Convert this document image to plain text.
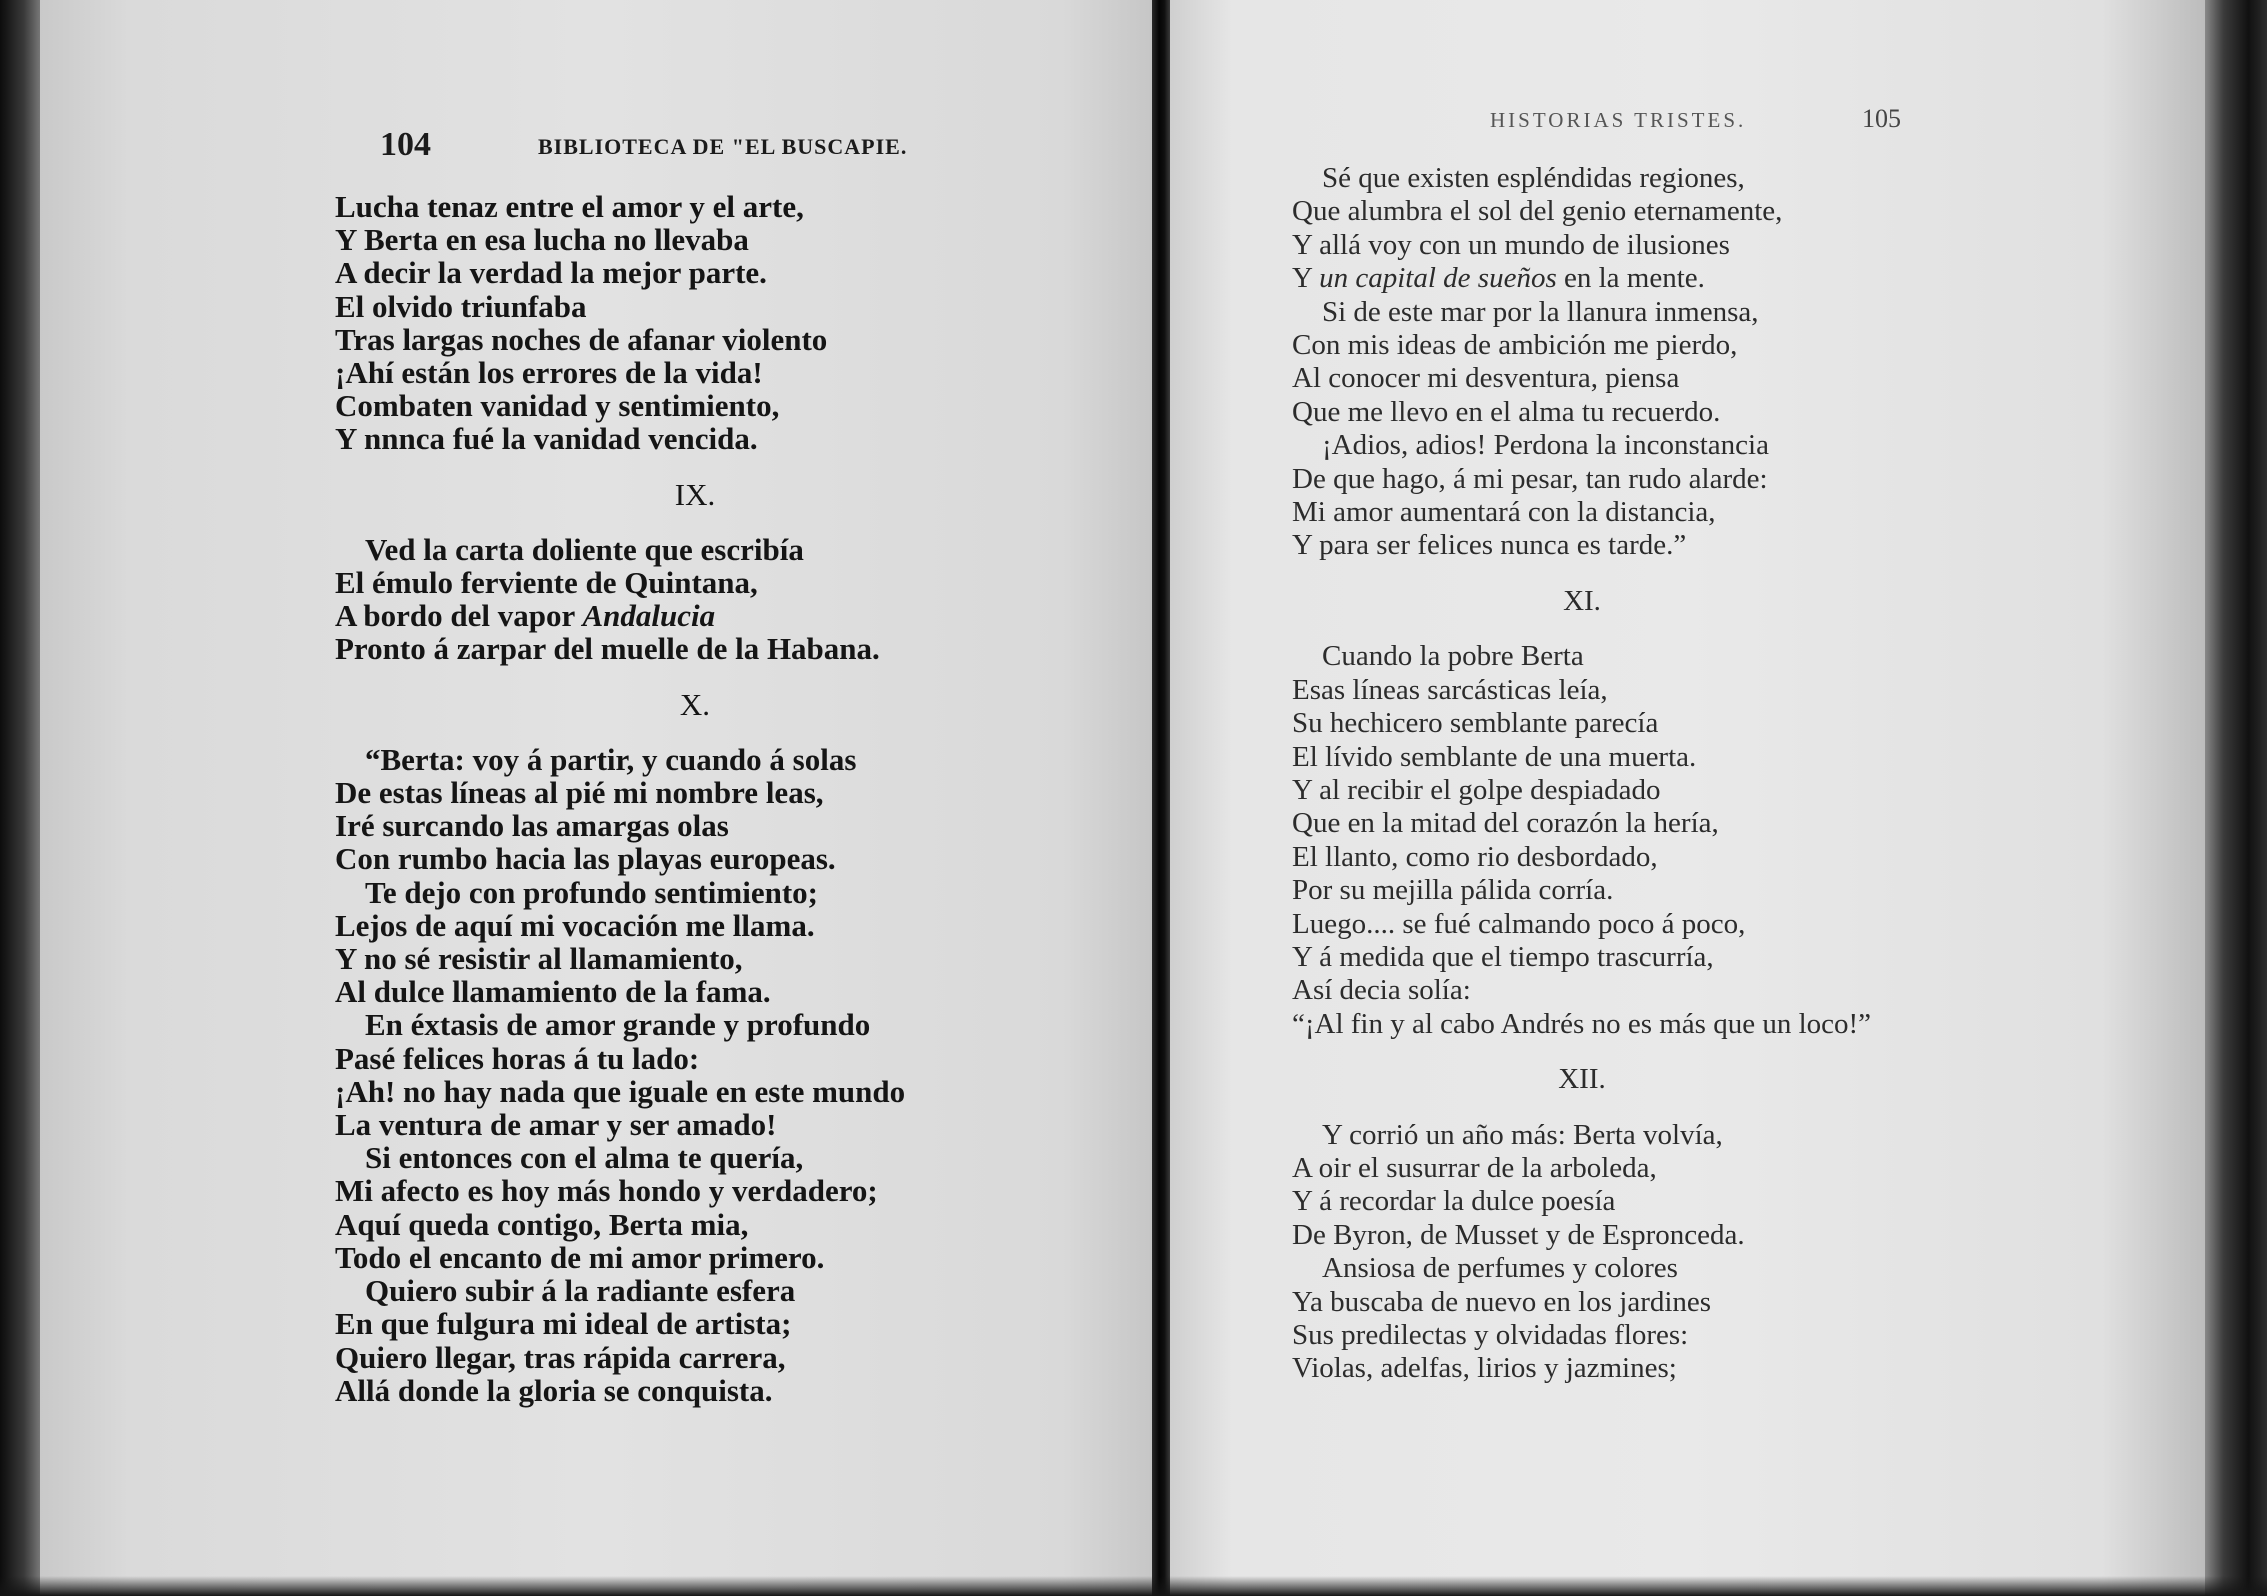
104	BIBLIOTECA DE "EL BUSCAPIE.
HISTORIAS TRISTES.	105
Lucha tenaz entre el amor y el arte,
Y Berta en esa lucha no llevaba
A decir la verdad la mejor parte.
El olvido triunfaba
Tras largas noches de afanar violento
¡Ahí están los errores de la vida!
Combaten vanidad y sentimiento,
Y nnnca fué la vanidad vencida.
IX.
Ved la carta doliente que escribía
El émulo ferviente de Quintana,
A bordo del vapor Andalucia
Pronto á zarpar del muelle de la Habana.
X.
“Berta: voy á partir, y cuando á solas
De estas líneas al pié mi nombre leas,
Iré surcando las amargas olas
Con rumbo hacia las playas europeas.
Te dejo con profundo sentimiento;
Lejos de aquí mi vocación me llama.
Y no sé resistir al llamamiento,
Al dulce llamamiento de la fama.
En éxtasis de amor grande y profundo
Pasé felices horas á tu lado:
¡Ah! no hay nada que iguale en este mundo
La ventura de amar y ser amado!
Si entonces con el alma te quería,
Mi afecto es hoy más hondo y verdadero;
Aquí queda contigo, Berta mia,
Todo el encanto de mi amor primero.
Quiero subir á la radiante esfera
En que fulgura mi ideal de artista;
Quiero llegar, tras rápida carrera,
Allá donde la gloria se conquista.
Sé que existen espléndidas regiones,
Que alumbra el sol del genio eternamente,
Y allá voy con un mundo de ilusiones
Y un capital de sueños en la mente.
Si de este mar por la llanura inmensa,
Con mis ideas de ambición me pierdo,
Al conocer mi desventura, piensa
Que me llevo en el alma tu recuerdo.
¡Adios, adios! Perdona la inconstancia
De que hago, á mi pesar, tan rudo alarde:
Mi amor aumentará con la distancia,
Y para ser felices nunca es tarde.”
XI.
Cuando la pobre Berta
Esas líneas sarcásticas leía,
Su hechicero semblante parecía
El lívido semblante de una muerta.
Y al recibir el golpe despiadado
Que en la mitad del corazón la hería,
El llanto, como rio desbordado,
Por su mejilla pálida corría.
Luego.... se fué calmando poco á poco,
Y á medida que el tiempo trascurría,
Así decia solía:
“¡Al fin y al cabo Andrés no es más que un loco!”
XII.
Y corrió un año más: Berta volvía,
A oir el susurrar de la arboleda,
Y á recordar la dulce poesía
De Byron, de Musset y de Espronceda.
Ansiosa de perfumes y colores
Ya buscaba de nuevo en los jardines
Sus predilectas y olvidadas flores:
Violas, adelfas, lirios y jazmines;
